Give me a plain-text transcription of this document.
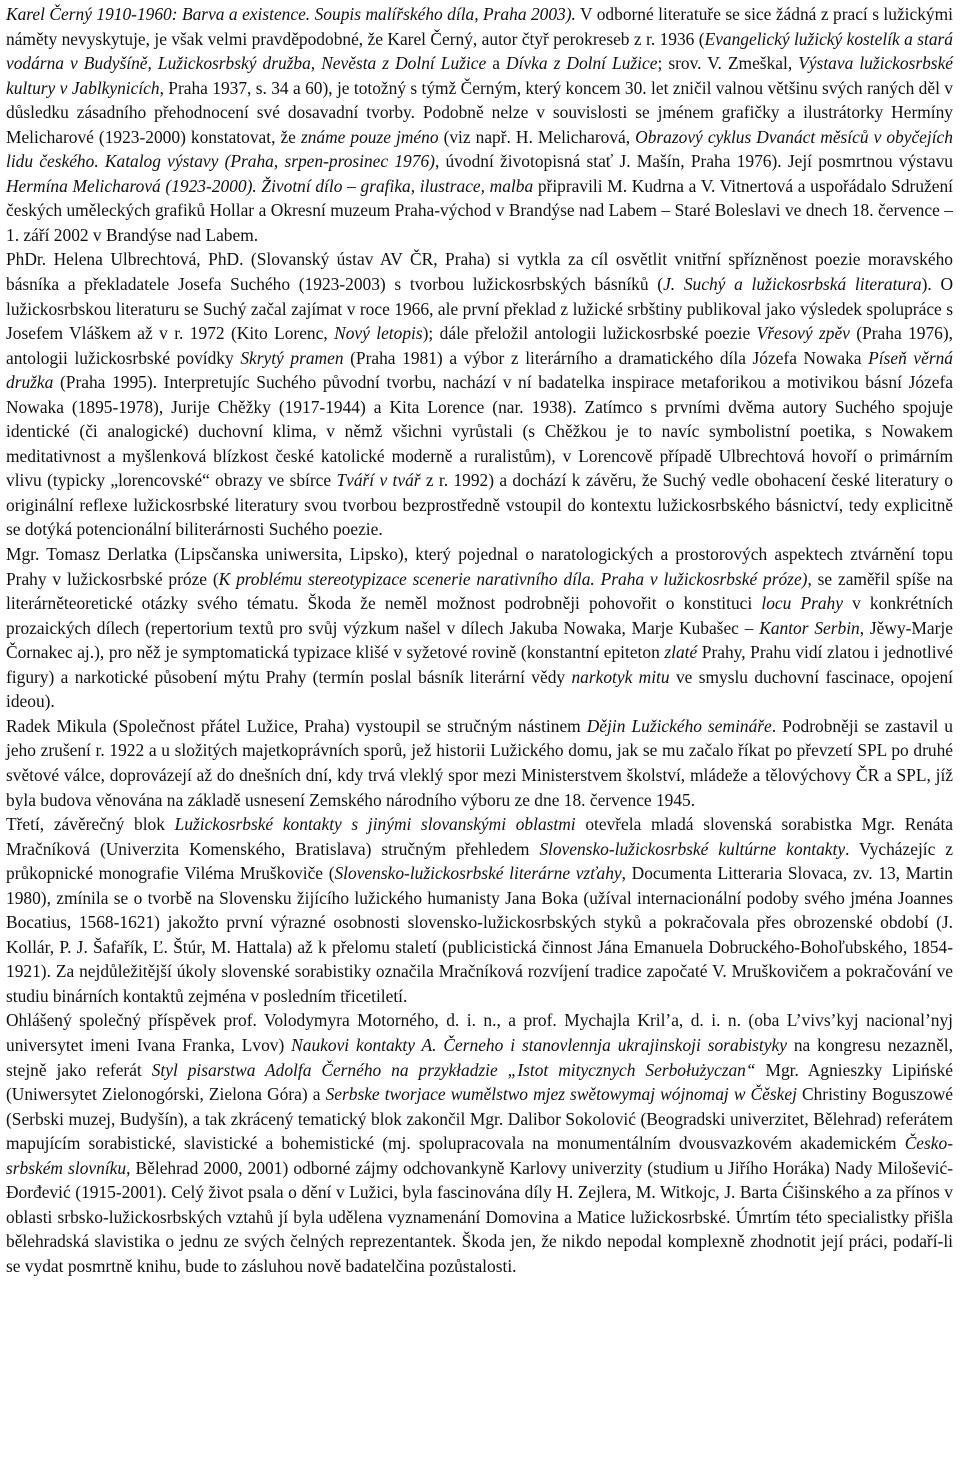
Karel Černý 1910-1960: Barva a existence. Soupis malířského díla, Praha 2003). V odborné literatuře se sice žádná z prací s lužickými náměty nevyskytuje, je však velmi pravděpodobné, že Karel Černý, autor čtyř perokreseb z r. 1936 (Evangelický lužický kostelík a stará vodárna v Budyšíně, Lužickosrbský družba, Nevěsta z Dolní Lužice a Dívka z Dolní Lužice; srov. V. Zmeškal, Výstava lužickosrbské kultury v Jablkynicích, Praha 1937, s. 34 a 60), je totožný s týmž Černým, který koncem 30. let zničil valnou většinu svých raných děl v důsledku zásadního přehodnocení své dosavadní tvorby. Podobně nelze v souvislosti se jménem grafičky a ilustrátorky Hermíny Melicharové (1923-2000) konstatovat, že známe pouze jméno (viz např. H. Melicharová, Obrazový cyklus Dvanáct měsíců v obyčejích lidu českého. Katalog výstavy (Praha, srpen-prosinec 1976), úvodní životopisná stať J. Mašín, Praha 1976). Její posmrtnou výstavu Hermína Melicharová (1923-2000). Životní dílo – grafika, ilustrace, malba připravili M. Kudrna a V. Vitnertová a uspořádalo Sdružení českých uměleckých grafiků Hollar a Okresní muzeum Praha-východ v Brandýse nad Labem – Staré Boleslavi ve dnech 18. července – 1. září 2002 v Brandýse nad Labem.

PhDr. Helena Ulbrechtová, PhD. (Slovanský ústav AV ČR, Praha) si vytkla za cíl osvětlit vnitřní spřízněnost poezie moravského básníka a překladatele Josefa Suchého (1923-2003) s tvorbou lužickosrbských básníků (J. Suchý a lužickosrbská literatura). O lužickosrbskou literaturu se Suchý začal zajímat v roce 1966, ale první překlad z lužické srbštiny publikoval jako výsledek spolupráce s Josefem Vláškem až v r. 1972 (Kito Lorenc, Nový letopis); dále přeložil antologii lužickosrbské poezie Vřesový zpěv (Praha 1976), antologii lužickosrbské povídky Skrytý pramen (Praha 1981) a výbor z literárního a dramatického díla Józefa Nowaka Píseň věrná družka (Praha 1995). Interpretujíc Suchého původní tvorbu, nachází v ní badatelka inspirace metaforikou a motivikou básní Józefa Nowaka (1895-1978), Jurije Chěžky (1917-1944) a Kita Lorence (nar. 1938). Zatímco s prvními dvěma autory Suchého spojuje identické (či analogické) duchovní klima, v němž všichni vyrůstali (s Chěžkou je to navíc symbolistní poetika, s Nowakem meditativnost a myšlenková blízkost české katolické moderně a ruralistům), v Lorencově případě Ulbrechtová hovoří o primárním vlivu (typicky „lorencovské“ obrazy ve sbírce Tváří v tvář z r. 1992) a dochází k závěru, že Suchý vedle obohacení české literatury o originální reflexe lužickosrbské literatury svou tvorbou bezprostředně vstoupil do kontextu lužickosrbského básnictví, tedy explicitně se dotýká potencionální biliterárnosti Suchého poezie.

Mgr. Tomasz Derlatka (Lipsčanska uniwersita, Lipsko), který pojednal o naratologických a prostorových aspektech ztvárnění topu Prahy v lužickosrbské próze (K problému stereotypizace scenerie narativního díla. Praha v lužickosrbské próze), se zaměřil spíše na literárněteoretické otázky svého tématu. Škoda že neměl možnost podrobněji pohovořit o konstituci locu Prahy v konkrétních prozaických dílech (repertorium textů pro svůj výzkum našel v dílech Jakuba Nowaka, Marje Kubašec – Kantor Serbin, Jěwy-Marje Čornakec aj.), pro něž je symptomatická typizace klišé v syžetové rovině (konstantní epiteton zlaté Prahy, Prahu vidí zlatou i jednotlivé figury) a narkotické působení mýtu Prahy (termín poslal básník literární vědy narkotyk mitu ve smyslu duchovní fascinace, opojení ideou).

Radek Mikula (Společnost přátel Lužice, Praha) vystoupil se stručným nástinem Dějin Lužického semináře. Podrobněji se zastavil u jeho zrušení r. 1922 a u složitých majetkoprávních sporů, jež historii Lužického domu, jak se mu začalo říkat po převzetí SPL po druhé světové válce, doprovázejí až do dnešních dní, kdy trvá vleklý spor mezi Ministerstvem školství, mládeže a tělovýchovy ČR a SPL, jíž byla budova věnována na základě usnesení Zemského národního výboru ze dne 18. července 1945.

Třetí, závěrečný blok Lužickosrbské kontakty s jinými slovanskými oblastmi otevřela mladá slovenská sorabistka Mgr. Renáta Mračníková (Univerzita Komenského, Bratislava) stručným přehledem Slovensko-lužickosrbské kultúrne kontakty. Vycházejíc z průkopnické monografie Viléma Mruškoviče (Slovensko-lužickosrbské literárne vzťahy, Documenta Litteraria Slovaca, zv. 13, Martin 1980), zmínila se o tvorbě na Slovensku žijícího lužického humanisty Jana Boka (užíval internacionální podoby svého jména Joannes Bocatius, 1568-1621) jakožto první výrazné osobnosti slovensko-lužickosrbských styků a pokračovala přes obrozenské období (J. Kollár, P. J. Šafařík, Ľ. Štúr, M. Hattala) až k přelomu staletí (publicistická činnost Jána Emanuela Dobruckého-Bohoľubského, 1854-1921). Za nejdůležitější úkoly slovenské sorabistiky označila Mračníková rozvíjení tradice započaté V. Mruškovičem a pokračování ve studiu binárních kontaktů zejména v posledním třicetiletí.

Ohlášený společný příspěvek prof. Volodymyra Motorného, d. i. n., a prof. Mychajla Kril’a, d. i. n. (oba L’vivs’kyj nacional’nyj universytet imeni Ivana Franka, Lvov) Naukovi kontakty A. Černeho i stanovlennja ukrajinskoji sorabistyky na kongresu nezazněl, stejně jako referát Styl pisarstwa Adolfa Černého na przykładzie „Istot mitycznych Serbołużyczan“ Mgr. Agnieszky Lipińské (Uniwersytet Zielonogórski, Zielona Góra) a Serbske tworjace wumělstwo mjez swětowymaj wójnomaj w Čěskej Christiny Boguszowé (Serbski muzej, Budyšín), a tak zkrácený tematický blok zakončil Mgr. Dalibor Sokolović (Beogradski univerzitet, Bělehrad) referátem mapujícím sorabistické, slavistické a bohemistické (mj. spolupracovala na monumentálním dvousvazkovém akademickém Česko-srbském slovníku, Bělehrad 2000, 2001) odborné zájmy odchovankyně Karlovy univerzity (studium u Jiřího Horáka) Nady Milošević-Đorđević (1915-2001). Celý život psala o dění v Lužici, byla fascinována díly H. Zejlera, M. Witkojc, J. Barta Ćišinského a za přínos v oblasti srbsko-lužickosrbských vztahů jí byla udělena vyznamenání Domovina a Matice lužickosrbské. Úmrtím této specialistky přišla bělehradská slavistika o jednu ze svých čelných reprezentantek. Škoda jen, že nikdo nepodal komplexně zhodnotit její práci, podaří-li se vydat posmrtně knihu, bude to zásluhou nově badatelčina pozůstalosti.
